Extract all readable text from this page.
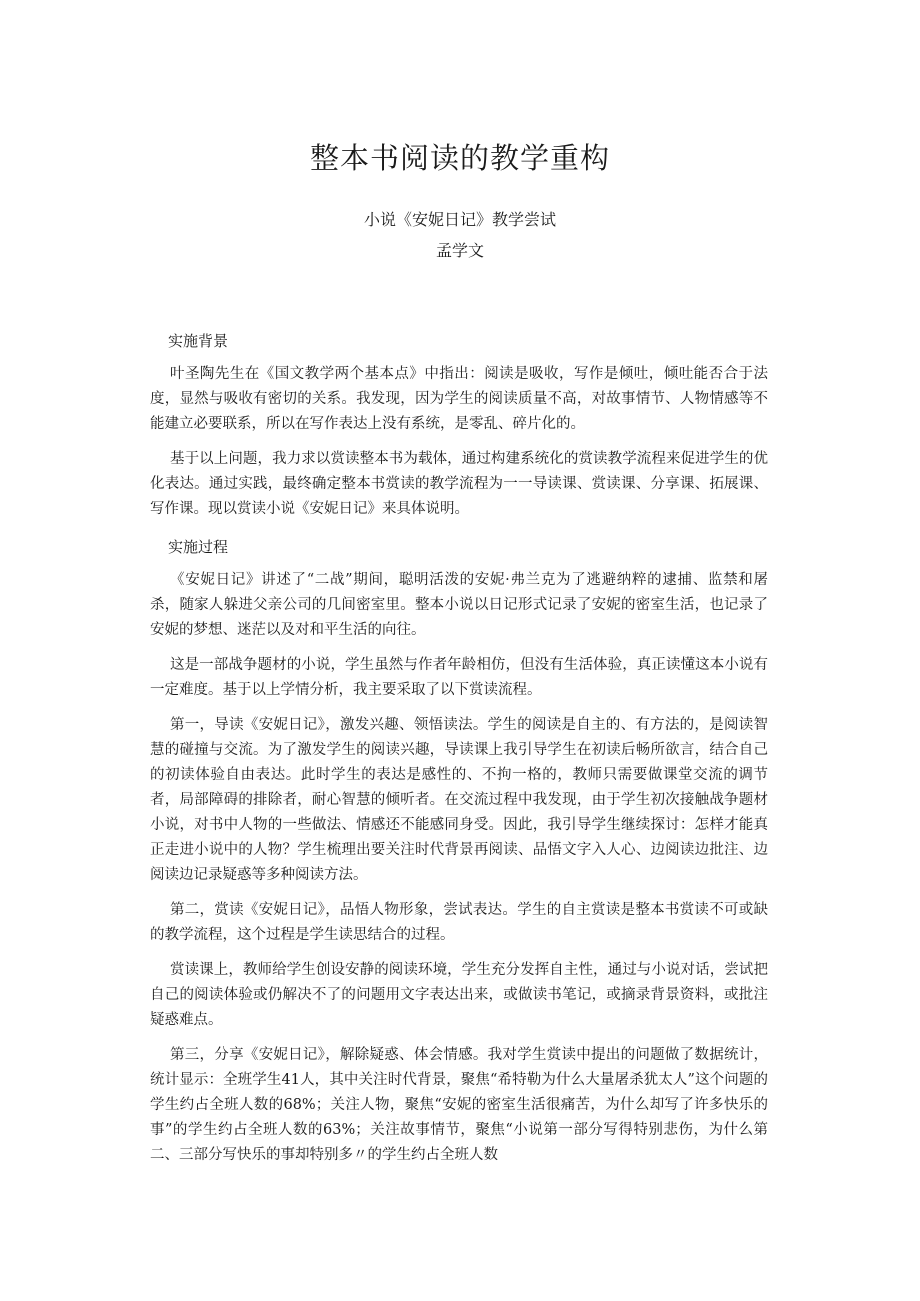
整本书阅读的教学重构
小说《安妮日记》教学尝试
孟学文
实施背景

叶圣陶先生在《国文教学两个基本点》中指出：阅读是吸收，写作是倾吐，倾吐能否合于法度，显然与吸收有密切的关系。我发现，因为学生的阅读质量不高，对故事情节、人物情感等不能建立必要联系，所以在写作表达上没有系统，是零乱、碎片化的。

基于以上问题，我力求以赏读整本书为载体，通过构建系统化的赏读教学流程来促进学生的优化表达。通过实践，最终确定整本书赏读的教学流程为一一导读课、赏读课、分享课、拓展课、写作课。现以赏读小说《安妮日记》来具体说明。

实施过程

《安妮日记》讲述了“二战”期间，聪明活泼的安妮·弗兰克为了逃避纳粹的逮捕、监禁和屠杀，随家人躲进父亲公司的几间密室里。整本小说以日记形式记录了安妮的密室生活，也记录了安妮的梦想、迷茫以及对和平生活的向往。

这是一部战争题材的小说，学生虽然与作者年龄相仿，但没有生活体验，真正读懂这本小说有一定难度。基于以上学情分析，我主要采取了以下赏读流程。

第一，导读《安妮日记》，激发兴趣、领悟读法。学生的阅读是自主的、有方法的，是阅读智慧的碰撞与交流。为了激发学生的阅读兴趣，导读课上我引导学生在初读后畅所欲言，结合自己的初读体验自由表达。此时学生的表达是感性的、不拘一格的，教师只需要做课堂交流的调节者，局部障碍的排除者，耐心智慧的倾听者。在交流过程中我发现，由于学生初次接触战争题材小说，对书中人物的一些做法、情感还不能感同身受。因此，我引导学生继续探讨：怎样才能真正走进小说中的人物？学生梳理出要关注时代背景再阅读、品悟文字入人心、边阅读边批注、边阅读边记录疑惑等多种阅读方法。

第二，赏读《安妮日记》，品悟人物形象，尝试表达。学生的自主赏读是整本书赏读不可或缺的教学流程，这个过程是学生读思结合的过程。

赏读课上，教师给学生创设安静的阅读环境，学生充分发挥自主性，通过与小说对话，尝试把自己的阅读体验或仍解决不了的问题用文字表达出来，或做读书笔记，或摘录背景资料，或批注疑惑难点。

第三，分享《安妮日记》，解除疑惑、体会情感。我对学生赏读中提出的问题做了数据统计，统计显示：全班学生41人，其中关注时代背景，聚焦“希特勒为什么大量屠杀犹太人”这个问题的学生约占全班人数的68%；关注人物，聚焦“安妮的密室生活很痛苦，为什么却写了许多快乐的事”的学生约占全班人数的63%；关注故事情节，聚焦“小说第一部分写得特别悲伤，为什么第二、三部分写快乐的事却特别多〃的学生约占全班人数
